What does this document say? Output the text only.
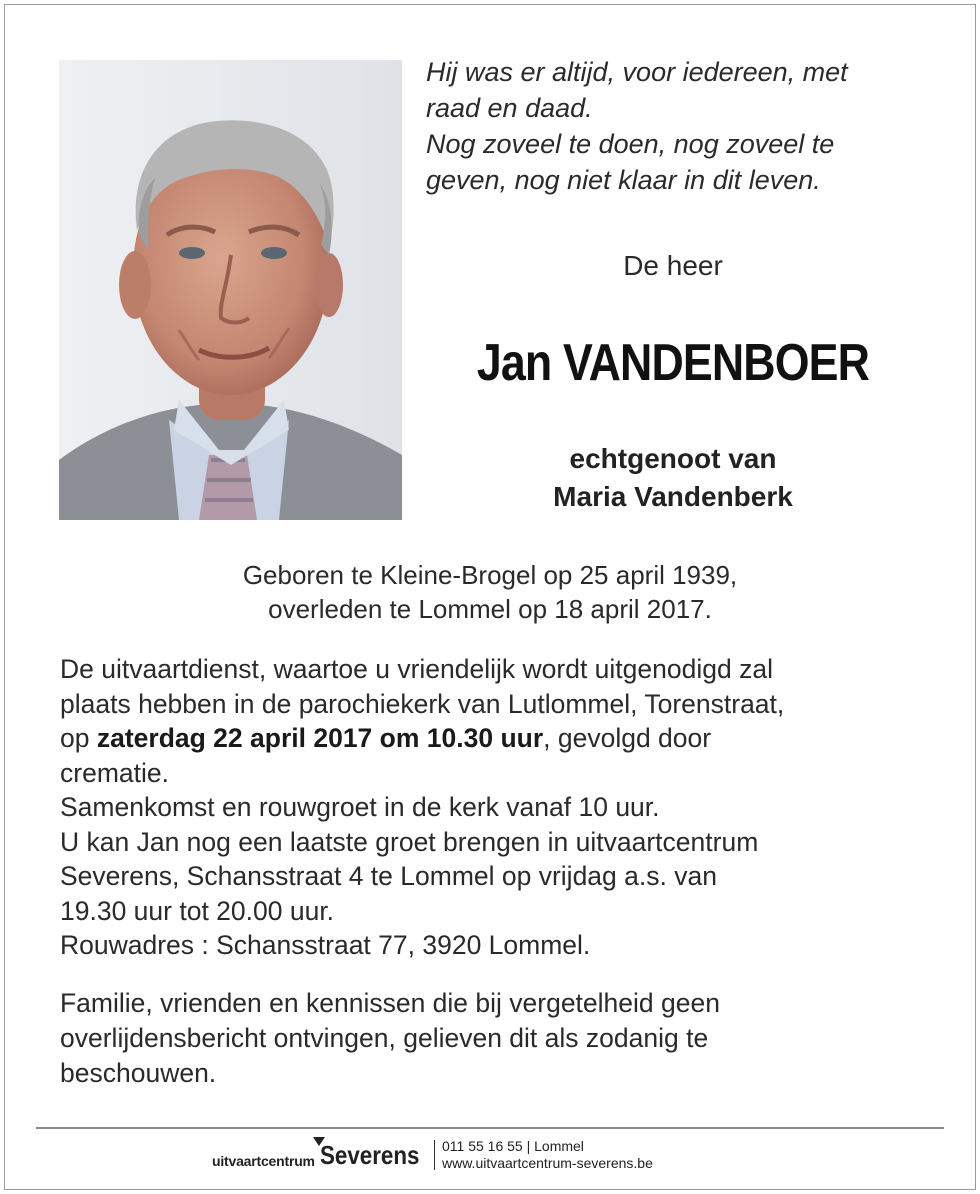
Hij was er altijd, voor iedereen, met

raad en daad.

Nog zoveel te doen, nog zoveel te

geven, nog niet klaar in dit leven.

De heer
Jan VANDENBOER
echtgenoot van
Maria Vandenberk
Geboren te Kleine-Brogel op 25 april 1939,
overleden te Lommel op 18 april 2017.
De uitvaartdienst, waartoe u vriendelijk wordt uitgenodigd zal
plaats hebben in de parochiekerk van Lutlommel, Torenstraat,
op zaterdag 22 april 2017 om 10.30 uur, gevolgd door
crematie.
Samenkomst en rouwgroet in de kerk vanaf 10 uur.
U kan Jan nog een laatste groet brengen in uitvaartcentrum
Severens, Schansstraat 4 te Lommel op vrijdag a.s. van
19.30 uur tot 20.00 uur.
Rouwadres : Schansstraat 77, 3920 Lommel.
Familie, vrienden en kennissen die bij vergetelheid geen
overlijdensbericht ontvingen, gelieven dit als zodanig te
beschouwen.
uitvaartcentrum Severens 011 55 16 55 | Lommel
www.uitvaartcentrum-severens.be
